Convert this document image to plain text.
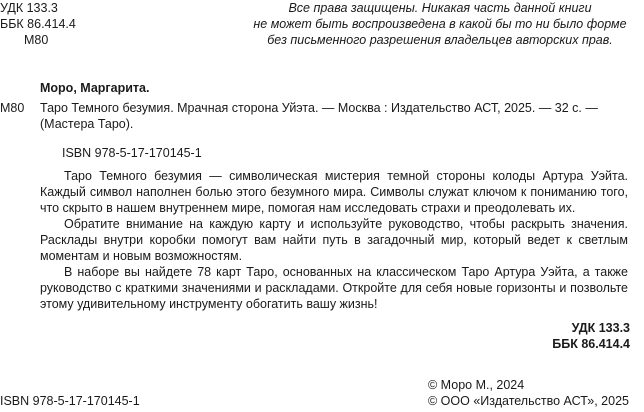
УДК 133.3
ББК 86.414.4
М80
Все права защищены. Никакая часть данной книги
не может быть воспроизведена в какой бы то ни было форме
без письменного разрешения владельцев авторских прав.
Моро, Маргарита.
М80 Таро Темного безумия. Мрачная сторона Уйэта. — Москва : Издательство АСТ, 2025. — 32 с. —
(Мастера Таро).
ISBN 978-5-17-170145-1

Таро Темного безумия — символическая мистерия темной стороны колоды Артура Уэйта. Каждый символ наполнен болью этого безумного мира. Символы служат ключом к пониманию того, что скрыто в нашем внутреннем мире, помогая нам исследовать страхи и преодолевать их.

Обратите внимание на каждую карту и используйте руководство, чтобы раскрыть значения. Расклады внутри коробки помогут вам найти путь в загадочный мир, который ведет к светлым моментам и новым возможностям.

В наборе вы найдете 78 карт Таро, основанных на классическом Таро Артура Уэйта, а также руководство с краткими значениями и раскладами. Откройте для себя новые горизонты и позвольте этому удивительному инструменту обогатить вашу жизнь!

УДК 133.3
ББК 86.414.4
ISBN 978-5-17-170145-1
© Моро М., 2024
© ООО «Издательство АСТ», 2025
